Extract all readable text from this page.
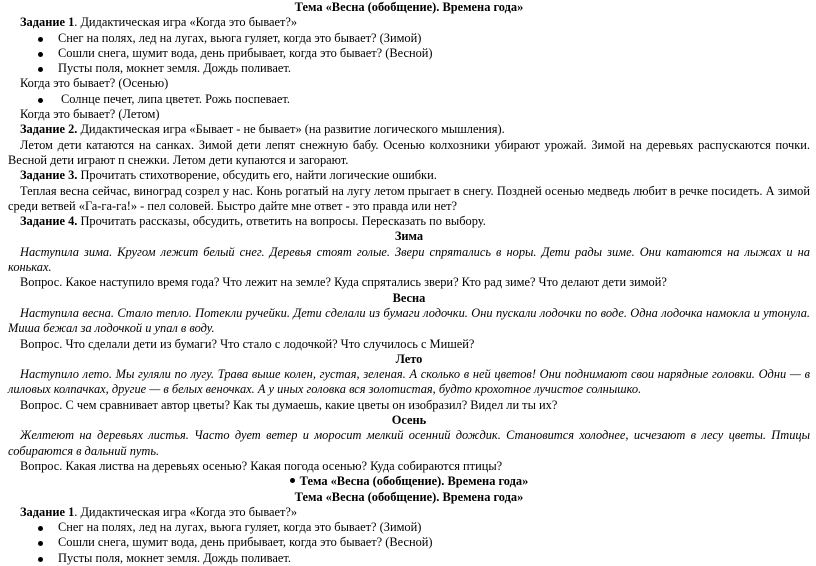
Тема «Весна (обобщение). Времена года»
Задание 1. Дидактическая игра «Когда это бывает?»
Снег на полях, лед на лугах, вьюга гуляет, когда это бывает? (Зимой)
Сошли снега, шумит вода, день прибывает, когда это бывает? (Весной)
Пусты поля, мокнет земля. Дождь поливает.
Когда это бывает? (Осенью)
Солнце печет, липа цветет. Рожь поспевает.
Когда это бывает? (Летом)
Задание 2. Дидактическая игра «Бывает - не бывает» (на развитие логического мышления).
Летом дети катаются на санках. Зимой дети лепят снежную бабу. Осенью колхозники убирают урожай. Зимой на деревьях распускаются почки. Весной дети играют п снежки. Летом дети купаются и загорают.
Задание 3. Прочитать стихотворение, обсудить его, найти логические ошибки.
Теплая весна сейчас, виноград созрел у нас. Конь рогатый на лугу летом прыгает в снегу. Поздней осенью медведь любит в речке посидеть. А зимой среди ветвей «Га-га-га!» - пел соловей. Быстро дайте мне ответ - это правда или нет?
Задание 4. Прочитать рассказы, обсудить, ответить на вопросы. Пересказать по выбору.
Зима
Наступила зима. Кругом лежит белый снег. Деревья стоят голые. Звери спрятались в норы. Дети рады зиме. Они катаются на лыжах и на коньках.
Вопрос. Какое наступило время года? Что лежит на земле? Куда спрятались звери? Кто рад зиме? Что делают дети зимой?
Весна
Наступила весна. Стало тепло. Потекли ручейки. Дети сделали из бумаги лодочки. Они пускали лодочки по воде. Одна лодочка намокла и утонула. Миша бежал за лодочкой и упал в воду.
Вопрос. Что сделали дети из бумаги? Что стало с лодочкой? Что случилось с Мишей?
Лето
Наступило лето. Мы гуляли по лугу. Трава выше колен, густая, зеленая. А сколько в ней цветов! Они поднимают свои нарядные головки. Одни — в лиловых колпачках, другие — в белых веночках. А у иных головка вся золотистая, будто крохотное лучистое солнышко.
Вопрос. С чем сравнивает автор цветы? Как ты думаешь, какие цветы он изобразил? Видел ли ты их?
Осень
Желтеют на деревьях листья. Часто дует ветер и моросит мелкий осенний дождик. Становится холоднее, исчезают в лесу цветы. Птицы собираются в дальний путь.
Вопрос. Какая листва на деревьях осенью? Какая погода осенью? Куда собираются птицы?
Тема «Весна (обобщение). Времена года»
Тема «Весна (обобщение). Времена года»
Задание 1. Дидактическая игра «Когда это бывает?»
Снег на полях, лед на лугах, вьюга гуляет, когда это бывает? (Зимой)
Сошли снега, шумит вода, день прибывает, когда это бывает? (Весной)
Пусты поля, мокнет земля. Дождь поливает.
